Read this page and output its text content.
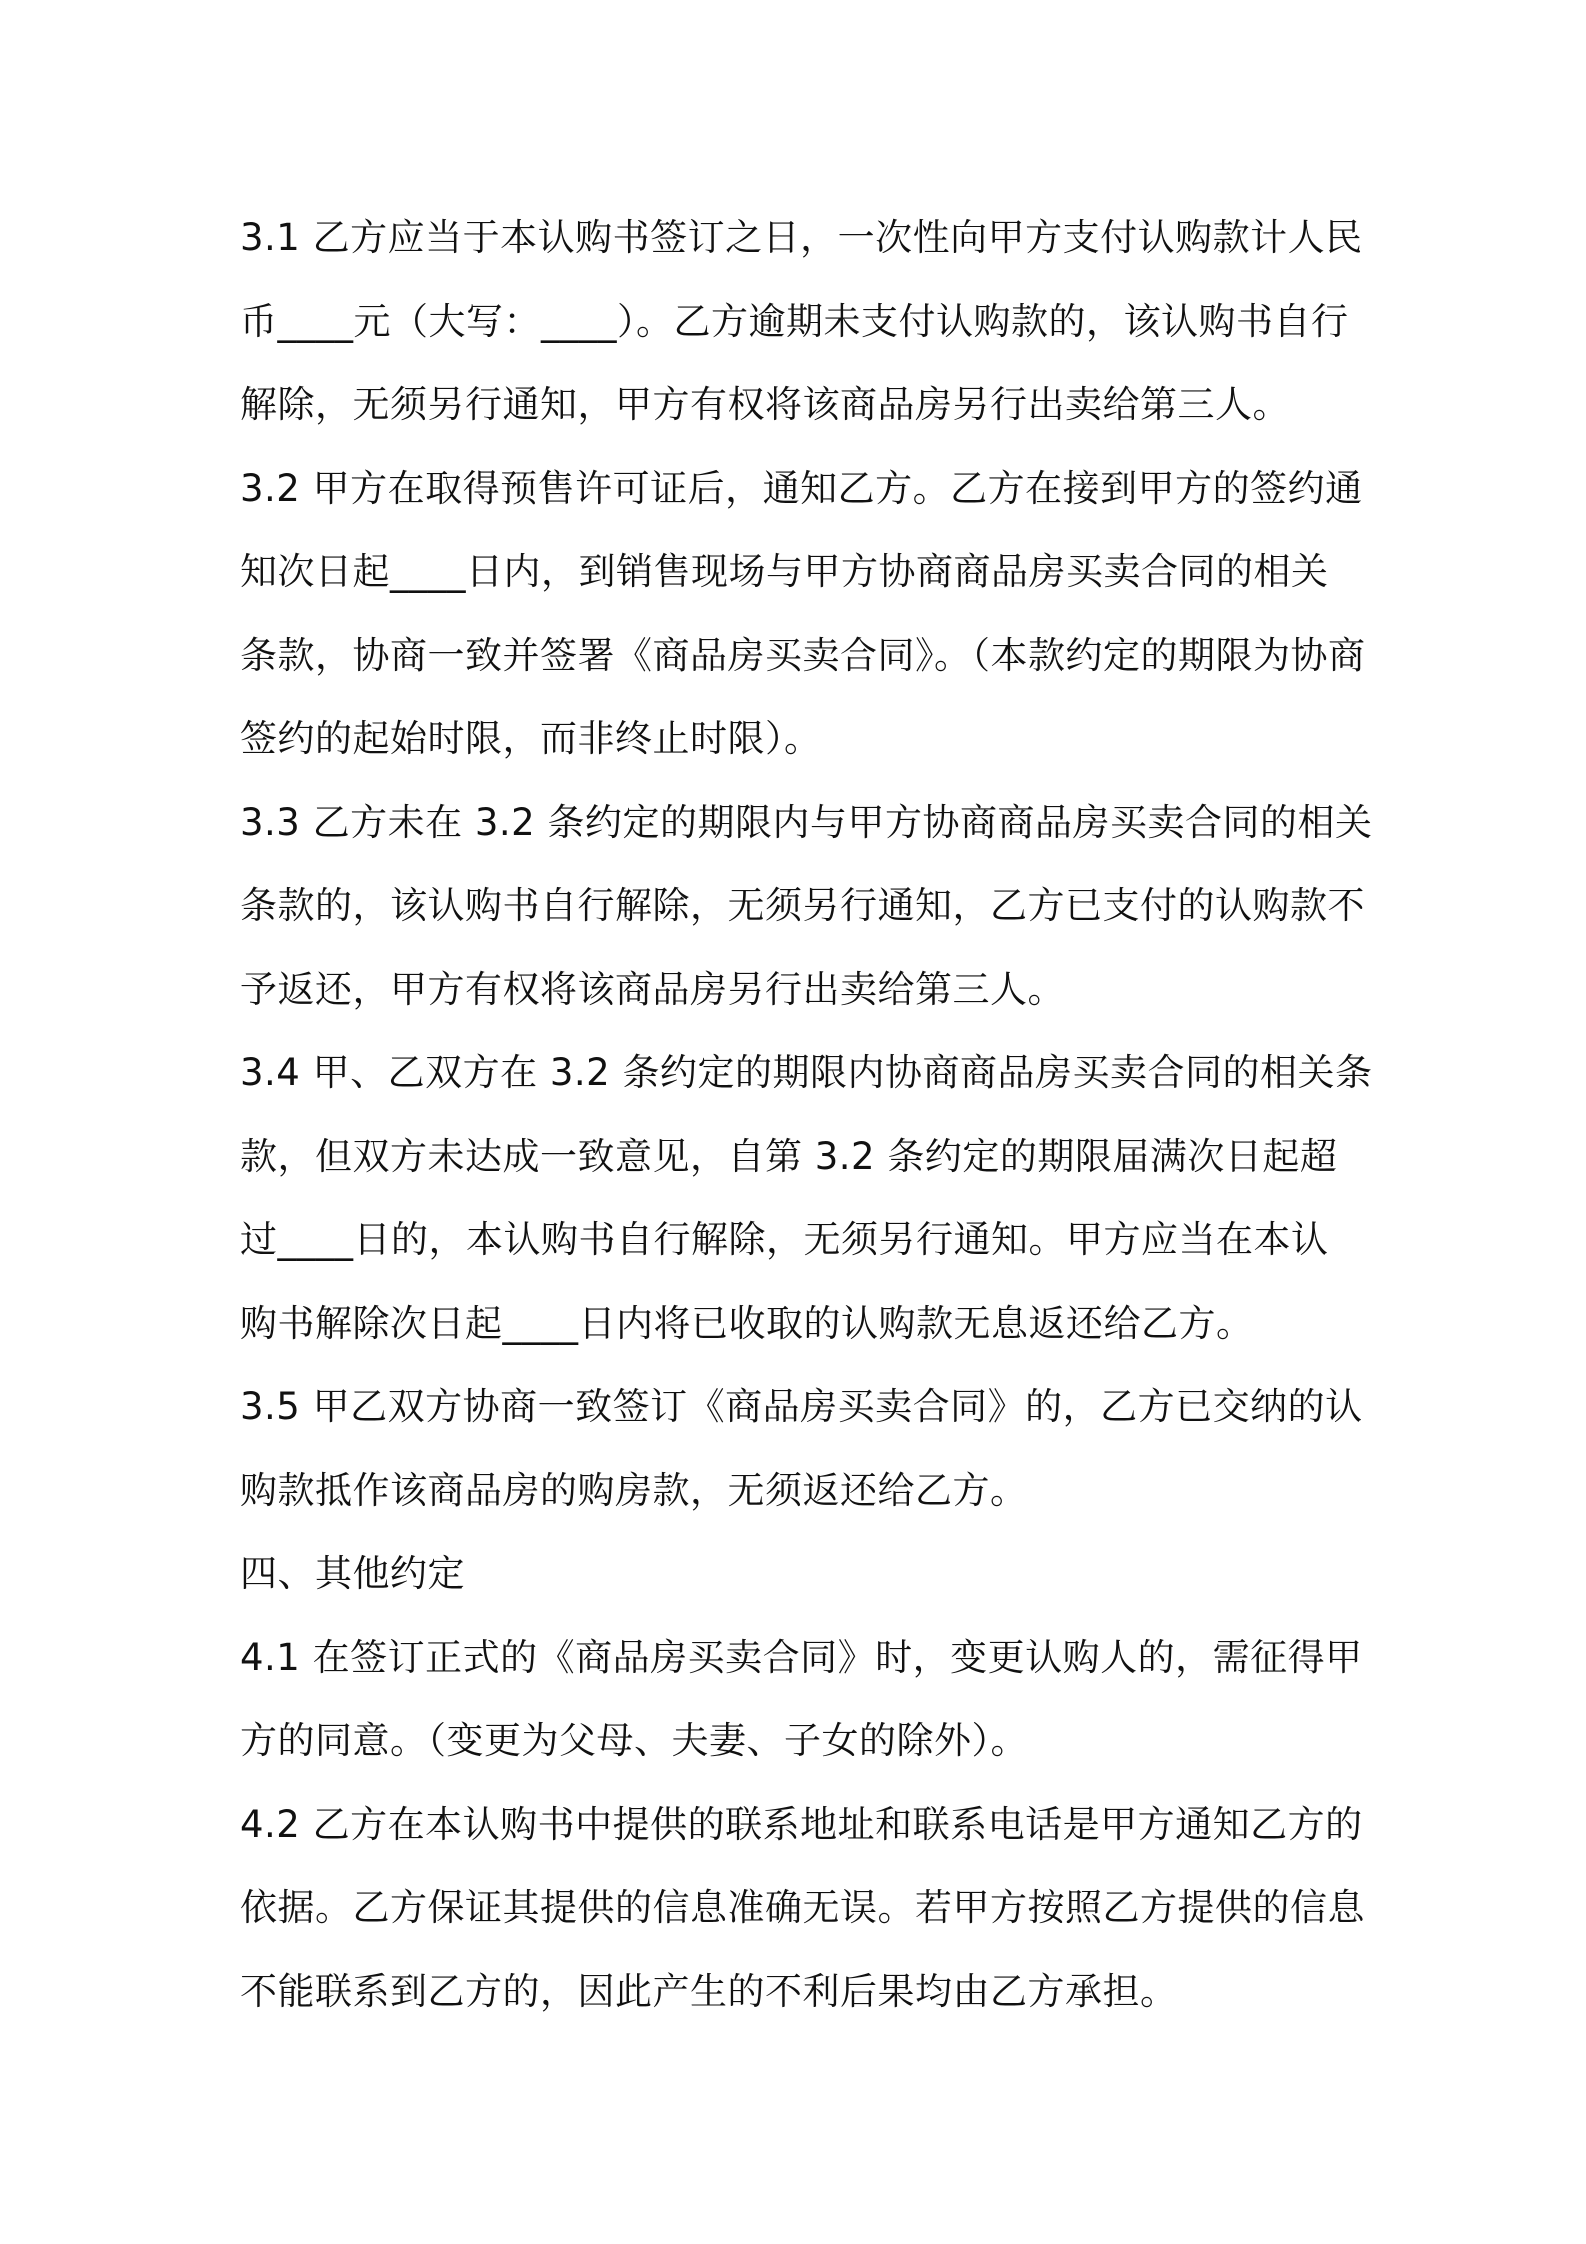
3.1 乙方应当于本认购书签订之日，一次性向甲方支付认购款计人民
币____元（大写：____）。乙方逾期未支付认购款的，该认购书自行
解除，无须另行通知，甲方有权将该商品房另行出卖给第三人。
3.2 甲方在取得预售许可证后，通知乙方。乙方在接到甲方的签约通
知次日起____日内，到销售现场与甲方协商商品房买卖合同的相关
条款，协商一致并签署《商品房买卖合同》。（本款约定的期限为协商
签约的起始时限，而非终止时限）。
3.3 乙方未在 3.2 条约定的期限内与甲方协商商品房买卖合同的相关
条款的，该认购书自行解除，无须另行通知，乙方已支付的认购款不
予返还，甲方有权将该商品房另行出卖给第三人。
3.4 甲、乙双方在 3.2 条约定的期限内协商商品房买卖合同的相关条
款，但双方未达成一致意见，自第 3.2 条约定的期限届满次日起超
过____日的，本认购书自行解除，无须另行通知。甲方应当在本认
购书解除次日起____日内将已收取的认购款无息返还给乙方。
3.5 甲乙双方协商一致签订《商品房买卖合同》的，乙方已交纳的认
购款抵作该商品房的购房款，无须返还给乙方。
四、其他约定
4.1 在签订正式的《商品房买卖合同》时，变更认购人的，需征得甲
方的同意。（变更为父母、夫妻、子女的除外）。
4.2 乙方在本认购书中提供的联系地址和联系电话是甲方通知乙方的
依据。乙方保证其提供的信息准确无误。若甲方按照乙方提供的信息
不能联系到乙方的，因此产生的不利后果均由乙方承担。
